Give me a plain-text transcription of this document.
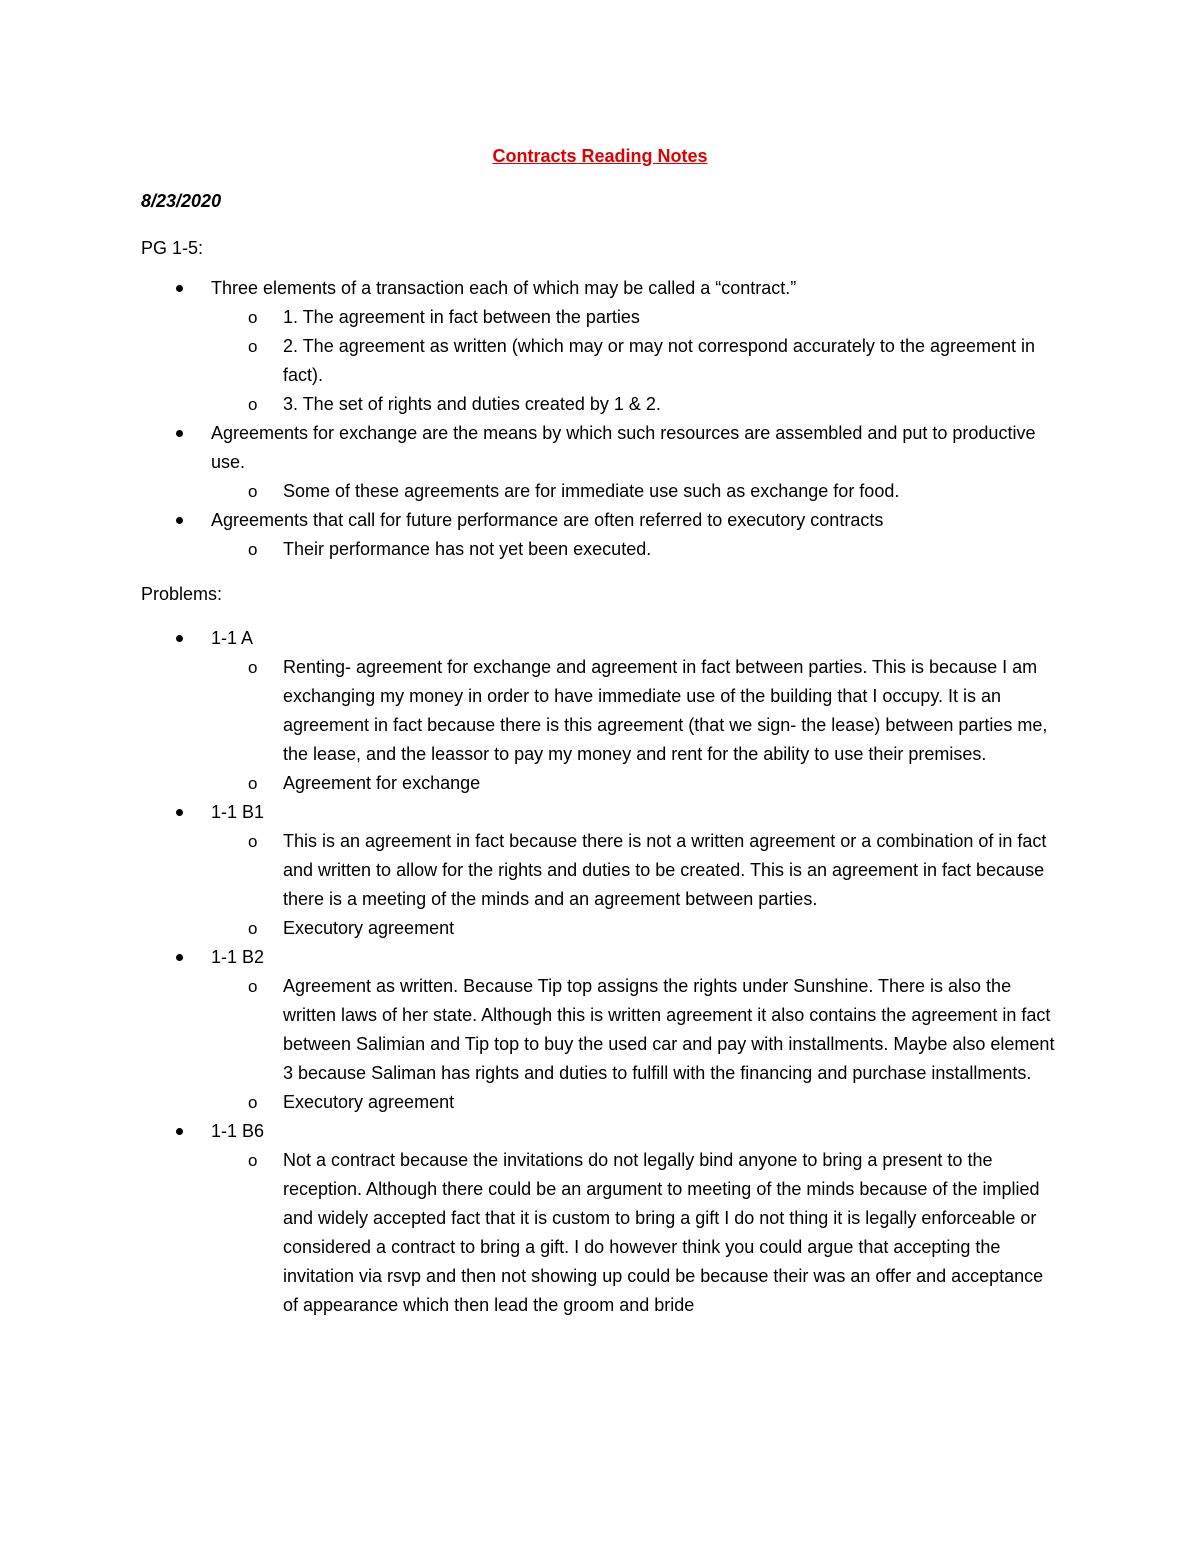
Contracts Reading Notes
8/23/2020
PG 1-5:
Three elements of a transaction each of which may be called a “contract.”
o 1. The agreement in fact between the parties
o 2. The agreement as written (which may or may not correspond accurately to the agreement in fact).
o 3. The set of rights and duties created by 1 & 2.
Agreements for exchange are the means by which such resources are assembled and put to productive use.
o Some of these agreements are for immediate use such as exchange for food.
Agreements that call for future performance are often referred to executory contracts
o Their performance has not yet been executed.
Problems:
1-1 A
o Renting- agreement for exchange and agreement in fact between parties. This is because I am exchanging my money in order to have immediate use of the building that I occupy. It is an agreement in fact because there is this agreement (that we sign- the lease) between parties me, the lease, and the leassor to pay my money and rent for the ability to use their premises.
o Agreement for exchange
1-1 B1
o This is an agreement in fact because there is not a written agreement or a combination of in fact and written to allow for the rights and duties to be created. This is an agreement in fact because there is a meeting of the minds and an agreement between parties.
o Executory agreement
1-1 B2
o Agreement as written. Because Tip top assigns the rights under Sunshine. There is also the written laws of her state. Although this is written agreement it also contains the agreement in fact between Salimian and Tip top to buy the used car and pay with installments. Maybe also element 3 because Saliman has rights and duties to fulfill with the financing and purchase installments.
o Executory agreement
1-1 B6
o Not a contract because the invitations do not legally bind anyone to bring a present to the reception. Although there could be an argument to meeting of the minds because of the implied and widely accepted fact that it is custom to bring a gift I do not thing it is legally enforceable or considered a contract to bring a gift. I do however think you could argue that accepting the invitation via rsvp and then not showing up could be because their was an offer and acceptance of appearance which then lead the groom and bride
